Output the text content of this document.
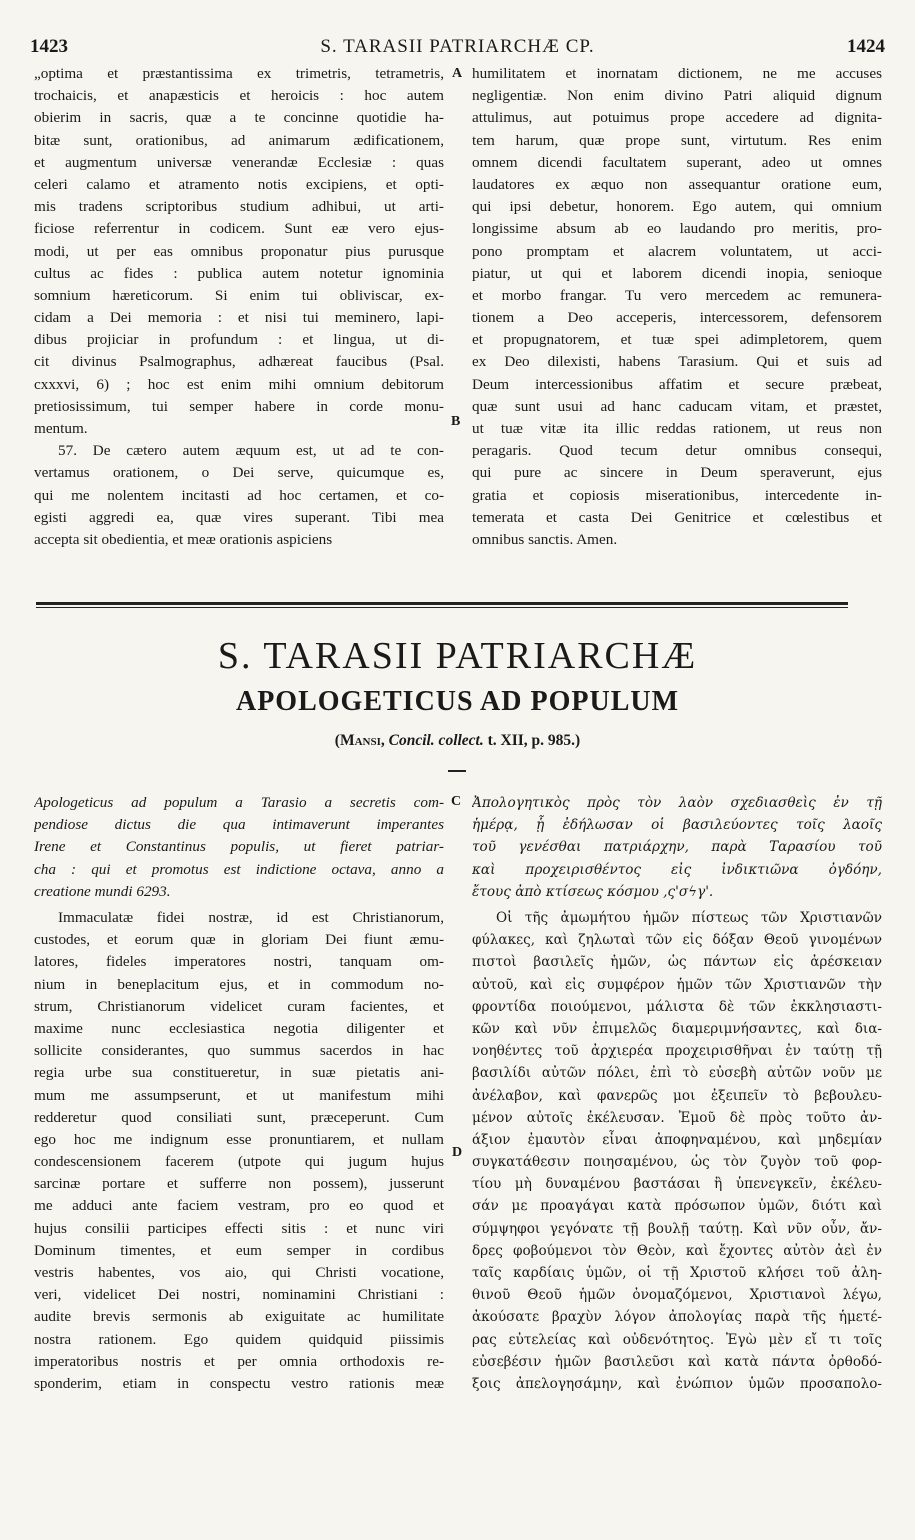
1423	S. TARASII PATRIARCHÆ CP.	1424
„optima et præstantissima ex trimetris, tetrametris,
trochaicis, et anapæsticis et heroicis : hoc autem
obierim in sacris, quæ a te concinne quotidie ha-
bitæ sunt, orationibus, ad animarum ædificationem,
et augmentum universæ venerandæ Ecclesiæ : quas
celeri calamo et atramento notis excipiens, et opti-
mis tradens scriptoribus studium adhibui, ut arti-
ficiose referrentur in codicem. Sunt eæ vero ejus-
modi, ut per eas omnibus proponatur pius purusque
cultus ac fides : publica autem notetur ignominia
somnium hæreticorum. Si enim tui obliviscar, ex-
cidam a Dei memoria : et nisi tui meminero, lapi-
dibus projiciar in profundum : et lingua, ut di-
cit divinus Psalmographus, adhæreat faucibus (Psal.
cxxxvi, 6) ; hoc est enim mihi omnium debitorum
pretiosissimum, tui semper habere in corde monu-
mentum.
57. De cætero autem æquum est, ut ad te con-
vertamus orationem, o Dei serve, quicumque es,
qui me nolentem incitasti ad hoc certamen, et co-
egisti aggredi ea, quæ vires superant. Tibi mea
accepta sit obedientia, et meæ orationis aspiciens
humilitatem et inornatam dictionem, ne me accuses
negligentiæ. Non enim divino Patri aliquid dignum
attulimus, aut potuimus prope accedere ad dignita-
tem harum, quæ prope sunt, virtutum. Res enim
omnem dicendi facultatem superant, adeo ut omnes
laudatores ex æquo non assequantur oratione eum,
qui ipsi debetur, honorem. Ego autem, qui omnium
longissime absum ab eo laudando pro meritis, pro-
pono promptam et alacrem voluntatem, ut acci-
piatur, ut qui et laborem dicendi inopia, senioque
et morbo frangar. Tu vero mercedem ac remunera-
tionem a Deo acceperis, intercessorem, defensorem
et propugnatorem, et tuæ spei adimpletorem, quem
ex Deo dilexisti, habens Tarasium. Qui et suis ad
Deum intercessionibus affatim et secure præbeat,
quæ sunt usui ad hanc caducam vitam, et præstet,
ut tuæ vitæ ita illic reddas rationem, ut reus non
peragaris. Quod tecum detur omnibus consequi,
qui pure ac sincere in Deum speraverunt, ejus
gratia et copiosis miserationibus, intercedente in-
temerata et casta Dei Genitrice et cœlestibus et
omnibus sanctis. Amen.
A
B
C
D
S. TARASII PATRIARCHÆ
APOLOGETICUS AD POPULUM
(Mansi, Concil. collect. t. XII, p. 985.)
Apologeticus ad populum a Tarasio a secretis com-
pendiose dictus die qua intimaverunt imperantes
Irene et Constantinus populis, ut fieret patriar-
cha : qui et promotus est indictione octava, anno a
creatione mundi 6293.
Ἀπολογητικὸς πρὸς τὸν λαὸν σχεδιασθεὶς ἐν τῇ
ἡμέρᾳ, ᾗ ἐδήλωσαν οἱ βασιλεύοντες τοῖς λαοῖς
τοῦ γενέσθαι πατριάρχην, παρὰ Ταρασίου τοῦ
καὶ προχειρισθέντος εἰς ἰνδικτιῶνα ὀγδόην,
ἔτους ἀπὸ κτίσεως κόσμου ,ς'σϟγ'.
Immaculatæ fidei nostræ, id est Christianorum,
custodes, et eorum quæ in gloriam Dei fiunt æmu-
latores, fideles imperatores nostri, tanquam om-
nium in beneplacitum ejus, et in commodum no-
strum, Christianorum videlicet curam facientes, et
maxime nunc ecclesiastica negotia diligenter et
sollicite considerantes, quo summus sacerdos in hac
regia urbe sua constitueretur, in suæ pietatis ani-
mum me assumpserunt, et ut manifestum mihi
redderetur quod consiliati sunt, præceperunt. Cum
ego hoc me indignum esse pronuntiarem, et nullam
condescensionem facerem (utpote qui jugum hujus
sarcinæ portare et sufferre non possem), jusserunt
me adduci ante faciem vestram, pro eo quod et
hujus consilii participes effecti sitis : et nunc viri
Dominum timentes, et eum semper in cordibus
vestris habentes, vos aio, qui Christi vocatione,
veri, videlicet Dei nostri, nominamini Christiani :
audite brevis sermonis ab exiguitate ac humilitate
nostra rationem. Ego quidem quidquid piissimis
imperatoribus nostris et per omnia orthodoxis re-
sponderim, etiam in conspectu vestro rationis meæ
Οἱ τῆς ἀμωμήτου ἡμῶν πίστεως τῶν Χριστιανῶν
φύλακες, καὶ ζηλωταὶ τῶν εἰς δόξαν Θεοῦ γινομένων
πιστοὶ βασιλεῖς ἡμῶν, ὡς πάντων εἰς ἀρέσκειαν
αὐτοῦ, καὶ εἰς συμφέρον ἡμῶν τῶν Χριστιανῶν τὴν
φροντίδα ποιούμενοι, μάλιστα δὲ τῶν ἐκκλησιαστι-
κῶν καὶ νῦν ἐπιμελῶς διαμεριμνήσαντες, καὶ δια-
νοηθέντες τοῦ ἀρχιερέα προχειρισθῆναι ἐν ταύτῃ τῇ
βασιλίδι αὐτῶν πόλει, ἐπὶ τὸ εὐσεβὴ αὐτῶν νοῦν με
ἀνέλαβον, καὶ φανερῶς μοι ἐξειπεῖν τὸ βεβουλευ-
μένον αὐτοῖς ἐκέλευσαν. Ἐμοῦ δὲ πρὸς τοῦτο ἀν-
άξιον ἐμαυτὸν εἶναι ἀποφηναμένου, καὶ μηδεμίαν
συγκατάθεσιν ποιησαμένου, ὡς τὸν ζυγὸν τοῦ φορ-
τίου μὴ δυναμένου βαστάσαι ἢ ὑπενεγκεῖν, ἐκέλευ-
σάν με προαγάγαι κατὰ πρόσωπον ὑμῶν, διότι καὶ
σύμψηφοι γεγόνατε τῇ βουλῇ ταύτῃ. Καὶ νῦν οὖν, ἄν-
δρες φοβούμενοι τὸν Θεὸν, καὶ ἔχοντες αὐτὸν ἀεὶ ἐν
ταῖς καρδίαις ὑμῶν, οἱ τῇ Χριστοῦ κλήσει τοῦ ἀλη-
θινοῦ Θεοῦ ἡμῶν ὀνομαζόμενοι, Χριστιανοὶ λέγω,
ἀκούσατε βραχὺν λόγον ἀπολογίας παρὰ τῆς ἡμετέ-
ρας εὐτελείας καὶ οὐδενότητος. Ἐγὼ μὲν εἴ τι τοῖς
εὐσεβέσιν ἡμῶν βασιλεῦσι καὶ κατὰ πάντα ὀρθοδό-
ξοις ἀπελογησάμην, καὶ ἐνώπιον ὑμῶν προσαπολο-
